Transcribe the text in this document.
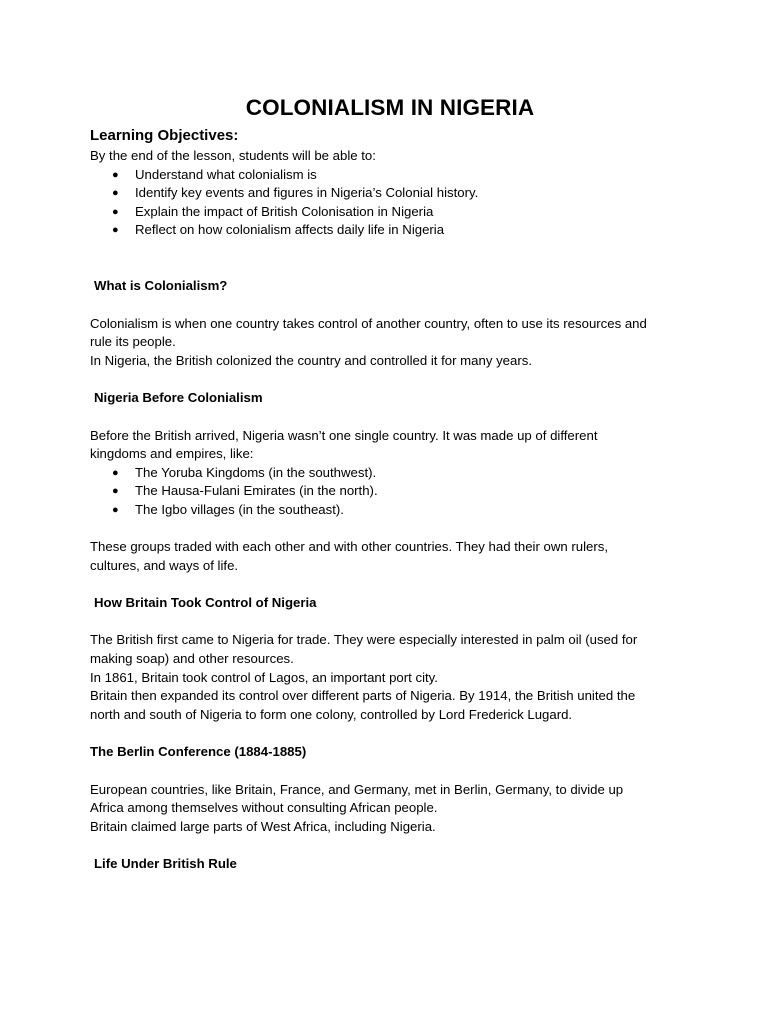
COLONIALISM IN NIGERIA
Learning Objectives:

By the end of the lesson, students will be able to:

● Understand what colonialism is
● Identify key events and figures in Nigeria’s Colonial history.
● Explain the impact of British Colonisation in Nigeria
● Reflect on how colonialism affects daily life in Nigeria
What is Colonialism?

Colonialism is when one country takes control of another country, often to use its resources and

rule its people.

In Nigeria, the British colonized the country and controlled it for many years.

Nigeria Before Colonialism

Before the British arrived, Nigeria wasn’t one single country. It was made up of different

kingdoms and empires, like:

● The Yoruba Kingdoms (in the southwest).
● The Hausa-Fulani Emirates (in the north).
● The Igbo villages (in the southeast).

These groups traded with each other and with other countries. They had their own rulers,

cultures, and ways of life.

How Britain Took Control of Nigeria

The British first came to Nigeria for trade. They were especially interested in palm oil (used for

making soap) and other resources.

In 1861, Britain took control of Lagos, an important port city.

Britain then expanded its control over different parts of Nigeria. By 1914, the British united the

north and south of Nigeria to form one colony, controlled by Lord Frederick Lugard.

The Berlin Conference (1884-1885)

European countries, like Britain, France, and Germany, met in Berlin, Germany, to divide up

Africa among themselves without consulting African people.

Britain claimed large parts of West Africa, including Nigeria.

Life Under British Rule
